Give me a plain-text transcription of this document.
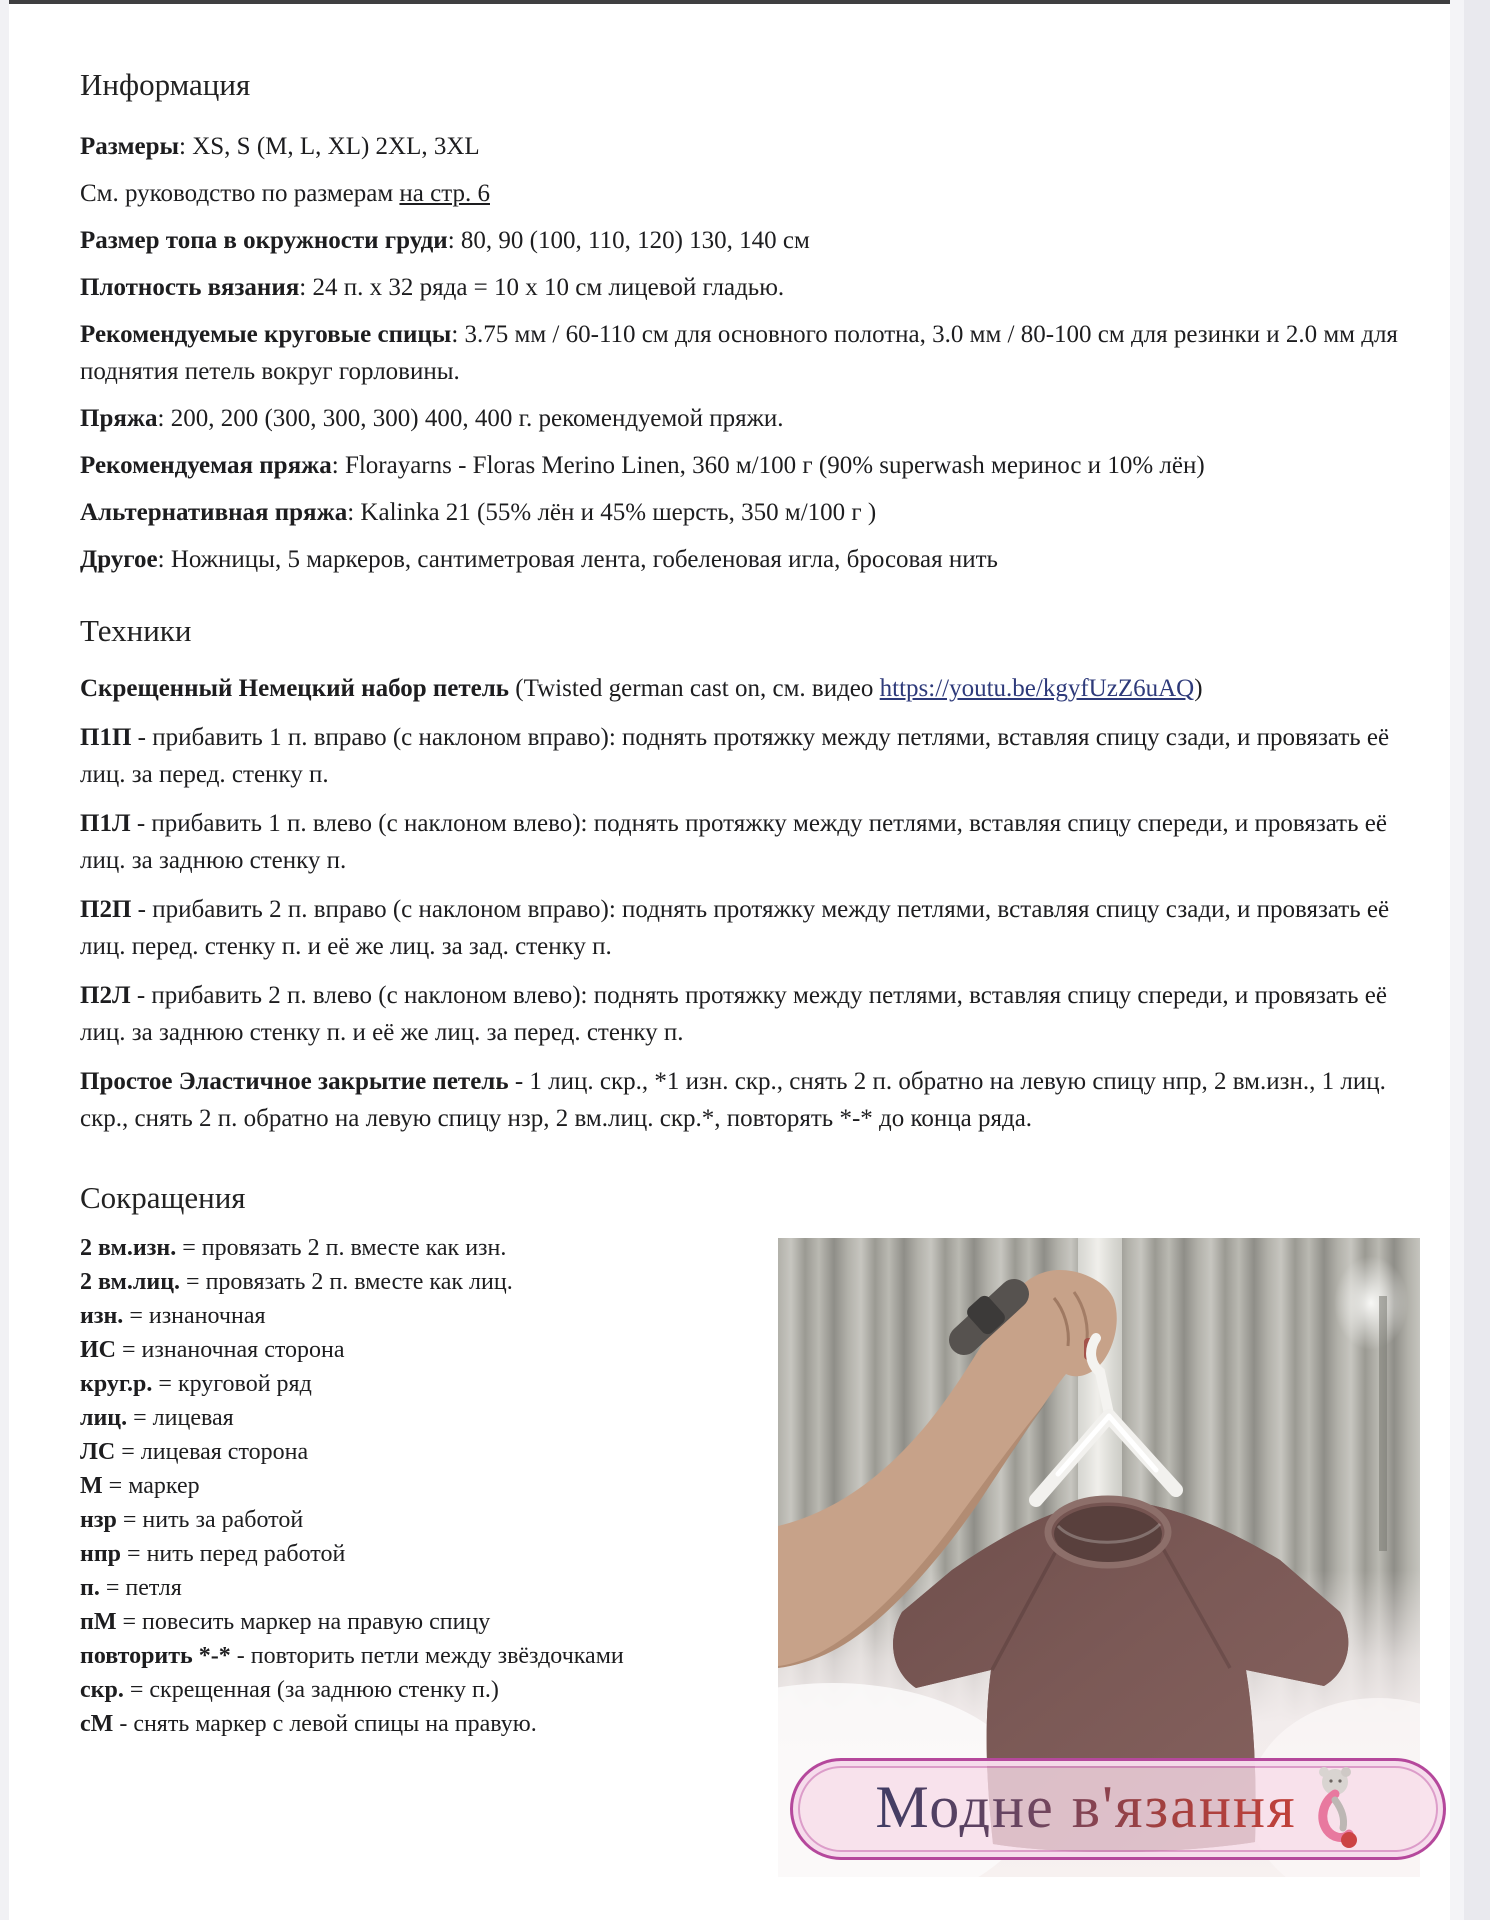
Информация

Размеры: XS, S (M, L, XL) 2XL, 3XL

См. руководство по размерам на стр. 6

Размер топа в окружности груди: 80, 90 (100, 110, 120) 130, 140 см

Плотность вязания: 24 п. x 32 ряда = 10 x 10 см лицевой гладью.

Рекомендуемые круговые спицы: 3.75 мм / 60-110 см для основного полотна, 3.0 мм / 80-100 см для резинки и 2.0 мм для поднятия петель вокруг горловины.

Пряжа: 200, 200 (300, 300, 300) 400, 400 г. рекомендуемой пряжи.

Рекомендуемая пряжа: Florayarns - Floras Merino Linen, 360 м/100 г (90% superwash меринос и 10% лён)

Альтернативная пряжа: Kalinka 21 (55% лён и 45% шерсть, 350 м/100 г )

Другое: Ножницы, 5 маркеров, сантиметровая лента, гобеленовая игла, бросовая нить

Техники

Скрещенный Немецкий набор петель (Twisted german cast on, см. видео https://youtu.be/kgyfUzZ6uAQ)

П1П - прибавить 1 п. вправо (с наклоном вправо): поднять протяжку между петлями, вставляя спицу сзади, и провязать её лиц. за перед. стенку п.

П1Л - прибавить 1 п. влево (с наклоном влево): поднять протяжку между петлями, вставляя спицу спереди, и провязать её лиц. за заднюю стенку п.

П2П - прибавить 2 п. вправо (с наклоном вправо): поднять протяжку между петлями, вставляя спицу сзади, и провязать её лиц. перед. стенку п. и её же лиц. за зад. стенку п.

П2Л - прибавить 2 п. влево (с наклоном влево): поднять протяжку между петлями, вставляя спицу спереди, и провязать её лиц. за заднюю стенку п. и её же лиц. за перед. стенку п.

Простое Эластичное закрытие петель - 1 лиц. скр., *1 изн. скр., снять 2 п. обратно на левую спицу нпр, 2 вм.изн., 1 лиц. скр., снять 2 п. обратно на левую спицу нзр, 2 вм.лиц. скр.*, повторять *-* до конца ряда.

Сокращения
2 вм.изн. = провязать 2 п. вместе как изн.
2 вм.лиц. = провязать 2 п. вместе как лиц.
изн. = изнаночная
ИС = изнаночная сторона
круг.р. = круговой ряд
лиц. = лицевая
ЛС = лицевая сторона
М = маркер
нзр = нить за работой
нпр = нить перед работой
п. = петля
пМ = повесить маркер на правую спицу
повторить *-* - повторить петли между звёздочками
скр. = скрещенная (за заднюю стенку п.)
сМ - снять маркер с левой спицы на правую.
Модне в'язання
